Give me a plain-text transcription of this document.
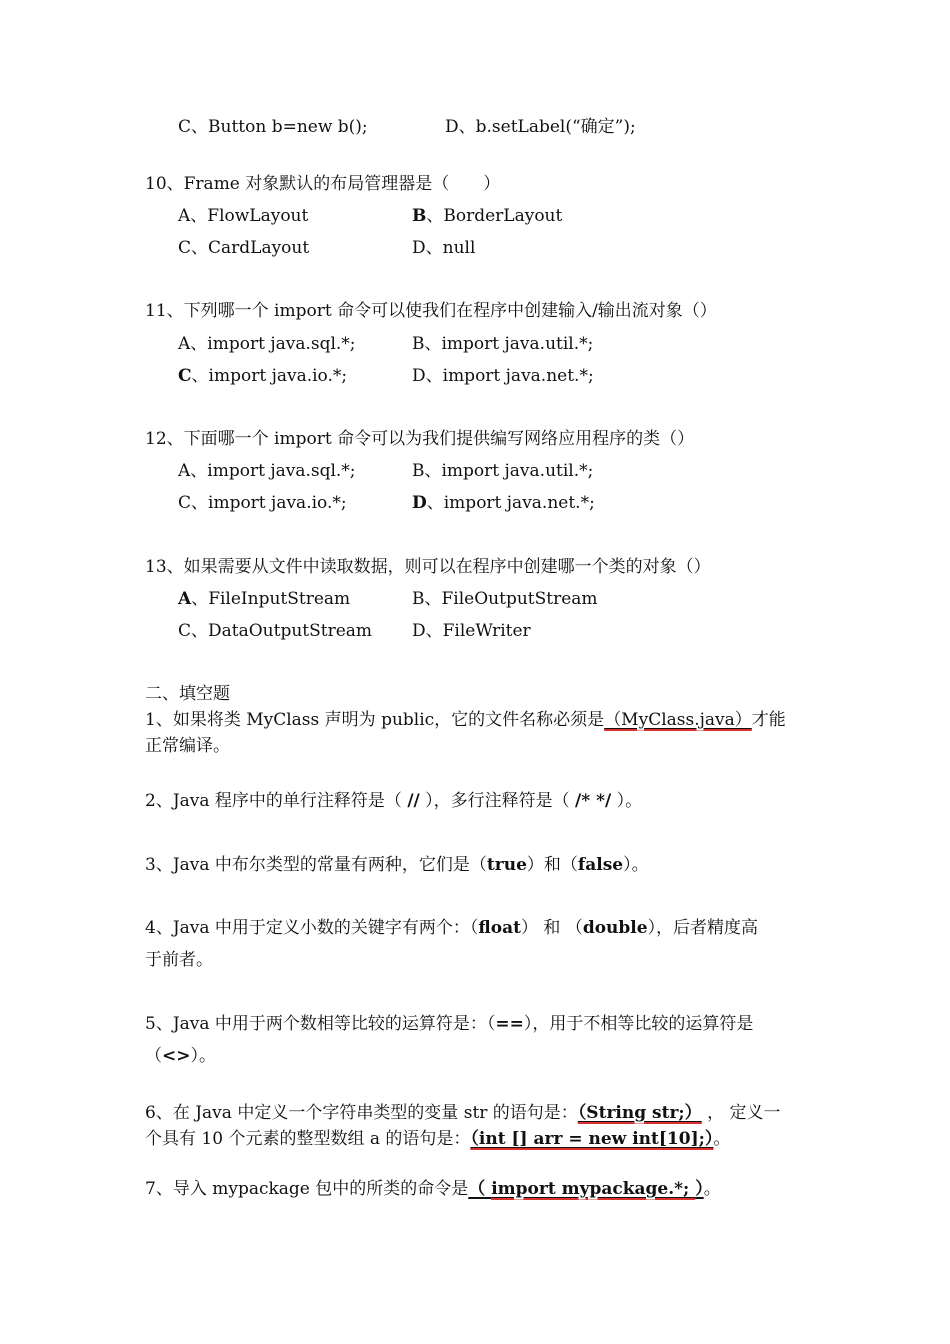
C、Button b=new b();	D、b.setLabel(“确定”);
10、Frame 对象默认的布局管理器是（　　）
A、FlowLayout	B、BorderLayout
C、CardLayout	D、null
11、下列哪一个 import 命令可以使我们在程序中创建输入/输出流对象（）
A、import java.sql.*;	B、import java.util.*;
C、import java.io.*;	D、import java.net.*;
12、下面哪一个 import 命令可以为我们提供编写网络应用程序的类（）
A、import java.sql.*;	B、import java.util.*;
C、import java.io.*;	D、import java.net.*;
13、如果需要从文件中读取数据，则可以在程序中创建哪一个类的对象（）
A、FileInputStream	B、FileOutputStream
C、DataOutputStream D、FileWriter
二、填空题
1、如果将类 MyClass 声明为 public，它的文件名称必须是（MyClass.java）才能
正常编译。
2、Java 程序中的单行注释符是（ // ），多行注释符是（ /* */ ）。
3、Java 中布尔类型的常量有两种，它们是（true）和（false）。
4、Java 中用于定义小数的关键字有两个：（float） 和 （double），后者精度高
于前者。
5、Java 中用于两个数相等比较的运算符是：（==），用于不相等比较的运算符是
（<>）。
6、在 Java 中定义一个字符串类型的变量 str 的语句是：（String str;） ， 定义一
个具有 10 个元素的整型数组 a 的语句是：（int [] arr = new int[10];）。
7、导入 mypackage 包中的所类的命令是（ import mypackage.*; ）。
